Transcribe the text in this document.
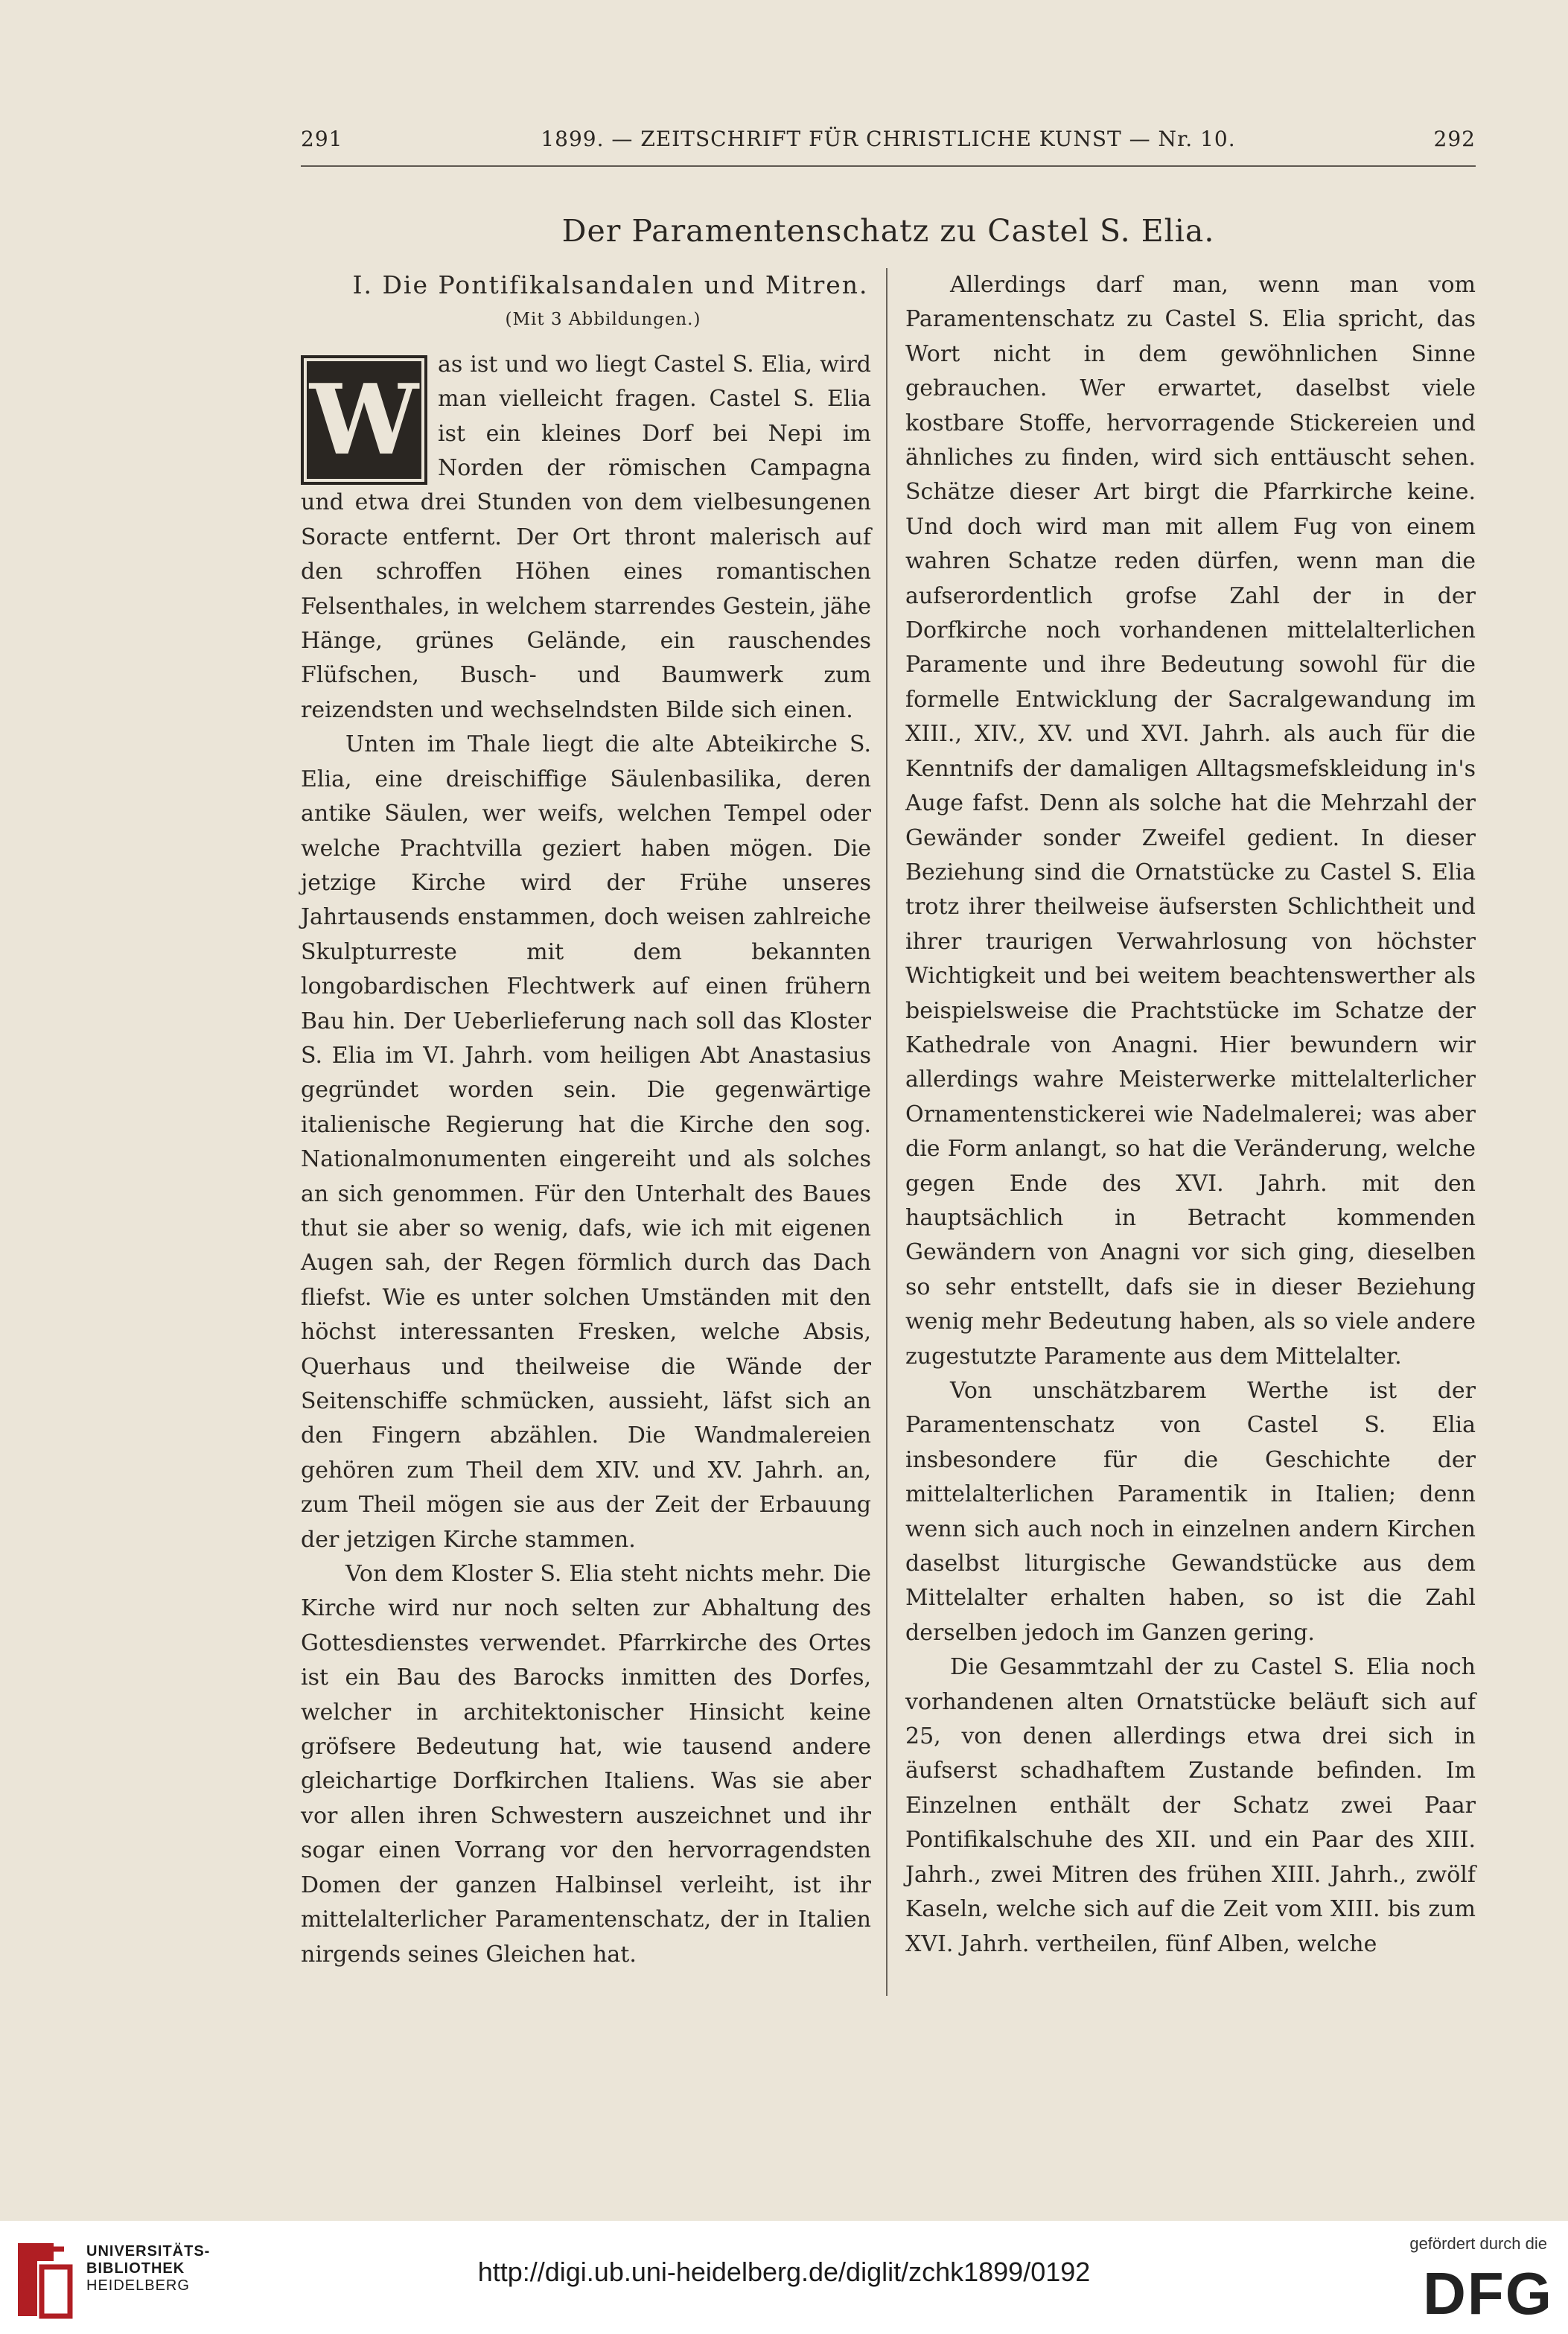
1899. — ZEITSCHRIFT FÜR CHRISTLICHE KUNST — Nr. 10.
291	292
Der Paramentenschatz zu Castel S. Elia.

I. Die Pontifikalsandalen und Mitren.

(Mit 3 Abbildungen.)

W as ist und wo liegt Castel S. Elia, wird man vielleicht fragen. Castel S. Elia ist ein kleines Dorf bei Nepi im Norden der römischen Campagna und etwa drei Stunden von dem vielbesungenen Soracte entfernt. Der Ort thront malerisch auf den schroffen Höhen eines romantischen Felsenthales, in welchem starrendes Gestein, jähe Hänge, grünes Gelände, ein rauschendes Flüfschen, Busch- und Baumwerk zum reizendsten und wechselndsten Bilde sich einen.

Unten im Thale liegt die alte Abteikirche S. Elia, eine dreischiffige Säulenbasilika, deren antike Säulen, wer weifs, welchen Tempel oder welche Prachtvilla geziert haben mögen. Die jetzige Kirche wird der Frühe unseres Jahrtausends enstammen, doch weisen zahlreiche Skulpturreste mit dem bekannten longobardischen Flechtwerk auf einen frühern Bau hin. Der Ueberlieferung nach soll das Kloster S. Elia im VI. Jahrh. vom heiligen Abt Anastasius gegründet worden sein. Die gegenwärtige italienische Regierung hat die Kirche den sog. Nationalmonumenten eingereiht und als solches an sich genommen. Für den Unterhalt des Baues thut sie aber so wenig, dafs, wie ich mit eigenen Augen sah, der Regen förmlich durch das Dach fliefst. Wie es unter solchen Umständen mit den höchst interessanten Fresken, welche Absis, Querhaus und theilweise die Wände der Seitenschiffe schmücken, aussieht, läfst sich an den Fingern abzählen. Die Wandmalereien gehören zum Theil dem XIV. und XV. Jahrh. an, zum Theil mögen sie aus der Zeit der Erbauung der jetzigen Kirche stammen.

Von dem Kloster S. Elia steht nichts mehr. Die Kirche wird nur noch selten zur Abhaltung des Gottesdienstes verwendet. Pfarrkirche des Ortes ist ein Bau des Barocks inmitten des Dorfes, welcher in architektonischer Hinsicht keine gröfsere Bedeutung hat, wie tausend andere gleichartige Dorfkirchen Italiens. Was sie aber vor allen ihren Schwestern auszeichnet und ihr sogar einen Vorrang vor den hervorragendsten Domen der ganzen Halbinsel verleiht, ist ihr mittelalterlicher Paramentenschatz, der in Italien nirgends seines Gleichen hat.

Allerdings darf man, wenn man vom Paramentenschatz zu Castel S. Elia spricht, das Wort nicht in dem gewöhnlichen Sinne gebrauchen. Wer erwartet, daselbst viele kostbare Stoffe, hervorragende Stickereien und ähnliches zu finden, wird sich enttäuscht sehen. Schätze dieser Art birgt die Pfarrkirche keine. Und doch wird man mit allem Fug von einem wahren Schatze reden dürfen, wenn man die aufserordentlich grofse Zahl der in der Dorfkirche noch vorhandenen mittelalterlichen Paramente und ihre Bedeutung sowohl für die formelle Entwicklung der Sacralgewandung im XIII., XIV., XV. und XVI. Jahrh. als auch für die Kenntnifs der damaligen Alltagsmefskleidung in's Auge fafst. Denn als solche hat die Mehrzahl der Gewänder sonder Zweifel gedient. In dieser Beziehung sind die Ornatstücke zu Castel S. Elia trotz ihrer theilweise äufsersten Schlichtheit und ihrer traurigen Verwahrlosung von höchster Wichtigkeit und bei weitem beachtenswerther als beispielsweise die Prachtstücke im Schatze der Kathedrale von Anagni. Hier bewundern wir allerdings wahre Meisterwerke mittelalterlicher Ornamentenstickerei wie Nadelmalerei; was aber die Form anlangt, so hat die Veränderung, welche gegen Ende des XVI. Jahrh. mit den hauptsächlich in Betracht kommenden Gewändern von Anagni vor sich ging, dieselben so sehr entstellt, dafs sie in dieser Beziehung wenig mehr Bedeutung haben, als so viele andere zugestutzte Paramente aus dem Mittelalter.

Von unschätzbarem Werthe ist der Paramentenschatz von Castel S. Elia insbesondere für die Geschichte der mittelalterlichen Paramentik in Italien; denn wenn sich auch noch in einzelnen andern Kirchen daselbst liturgische Gewandstücke aus dem Mittelalter erhalten haben, so ist die Zahl derselben jedoch im Ganzen gering.

Die Gesammtzahl der zu Castel S. Elia noch vorhandenen alten Ornatstücke beläuft sich auf 25, von denen allerdings etwa drei sich in äufserst schadhaftem Zustande befinden. Im Einzelnen enthält der Schatz zwei Paar Pontifikalschuhe des XII. und ein Paar des XIII. Jahrh., zwei Mitren des frühen XIII. Jahrh., zwölf Kaseln, welche sich auf die Zeit vom XIII. bis zum XVI. Jahrh. vertheilen, fünf Alben, welche

UNIVERSITÄTS-
BIBLIOTHEK
HEIDELBERG	http://digi.ub.uni-heidelberg.de/diglit/zchk1899/0192
gefördert durch die
DFG
